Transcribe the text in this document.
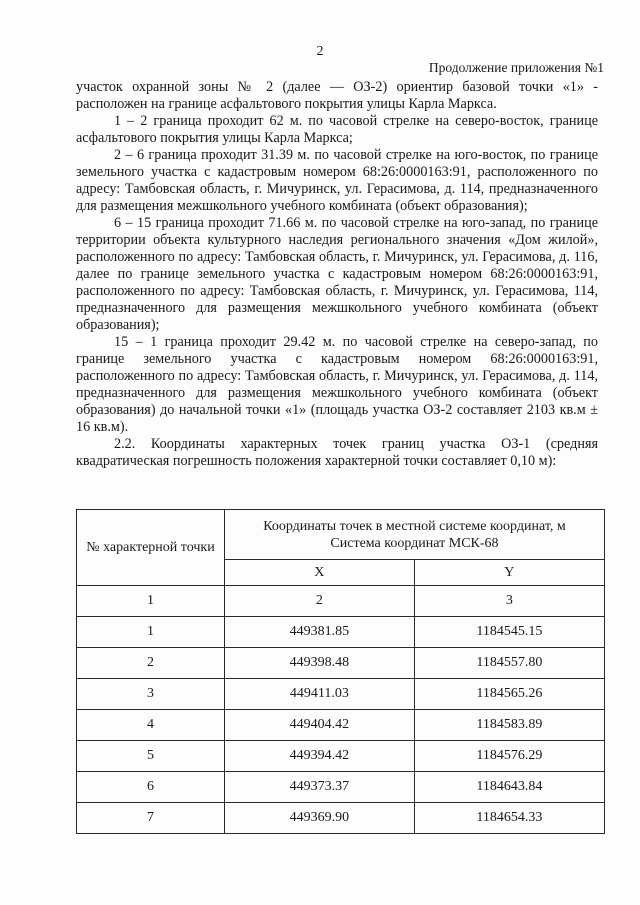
2
Продолжение приложения №1

участок охранной зоны № 2 (далее — ОЗ-2) ориентир базовой точки «1» - расположен на границе асфальтового покрытия улицы Карла Маркса.

1 – 2 граница проходит 62 м. по часовой стрелке на северо-восток, границе асфальтового покрытия улицы Карла Маркса;

2 – 6 граница проходит 31.39 м. по часовой стрелке на юго-восток, по границе земельного участка с кадастровым номером 68:26:0000163:91, расположенного по адресу: Тамбовская область, г. Мичуринск, ул. Герасимова, д. 114, предназначенного для размещения межшкольного учебного комбината (объект образования);

6 – 15 граница проходит 71.66 м. по часовой стрелке на юго-запад, по границе территории объекта культурного наследия регионального значения «Дом жилой», расположенного по адресу: Тамбовская область, г. Мичуринск, ул. Герасимова, д. 116, далее по границе земельного участка с кадастровым номером 68:26:0000163:91, расположенного по адресу: Тамбовская область, г. Мичуринск, ул. Герасимова, 114, предназначенного для размещения межшкольного учебного комбината (объект образования);

15 – 1 граница проходит 29.42 м. по часовой стрелке на северо-запад, по границе земельного участка с кадастровым номером 68:26:0000163:91, расположенного по адресу: Тамбовская область, г. Мичуринск, ул. Герасимова, д. 114, предназначенного для размещения межшкольного учебного комбината (объект образования) до начальной точки «1» (площадь участка ОЗ-2 составляет 2103 кв.м ± 16 кв.м).

2.2. Координаты характерных точек границ участка ОЗ-1 (средняя квадратическая погрешность положения характерной точки составляет 0,10 м):

№ характерной точки	Координаты точек в местной системе координат, м
Система координат МСК-68	
	X	Y
1	2	3
1	449381.85	1184545.15
2	449398.48	1184557.80
3	449411.03	1184565.26
4	449404.42	1184583.89
5	449394.42	1184576.29
6	449373.37	1184643.84
7	449369.90	1184654.33
